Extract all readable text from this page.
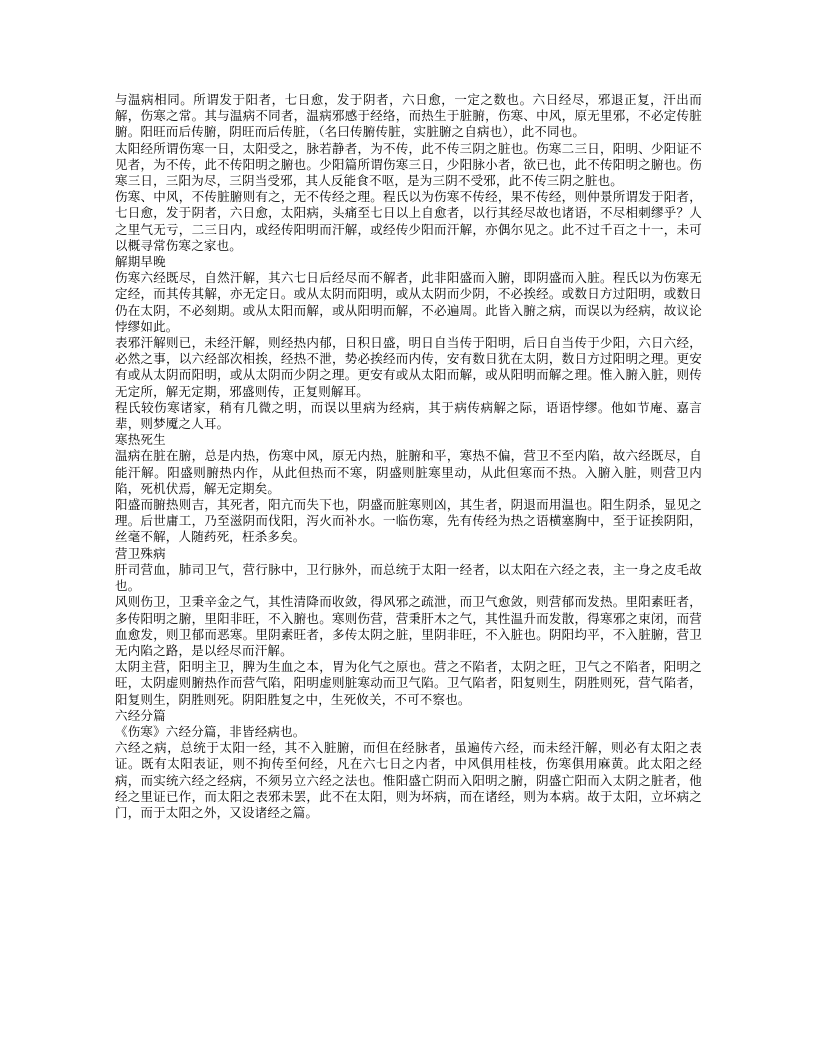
与温病相同。所谓发于阳者，七日愈，发于阴者，六日愈，一定之数也。六日经尽，邪退正复，汗出而解，伤寒之常。其与温病不同者，温病邪感于经络，而热生于脏腑，伤寒、中风，原无里邪，不必定传脏腑。阳旺而后传腑，阴旺而后传脏，（名曰传腑传脏，实脏腑之自病也），此不同也。
太阳经所谓伤寒一日，太阳受之，脉若静者，为不传，此不传三阴之脏也。伤寒二三日，阳明、少阳证不见者，为不传，此不传阳明之腑也。少阳篇所谓伤寒三日，少阳脉小者，欲已也，此不传阳明之腑也。伤寒三日，三阳为尽，三阴当受邪，其人反能食不呕，是为三阴不受邪，此不传三阴之脏也。
伤寒、中风，不传脏腑则有之，无不传经之理。程氏以为伤寒不传经，果不传经，则仲景所谓发于阳者，七日愈，发于阴者，六日愈，太阳病，头痛至七日以上自愈者，以行其经尽故也诸语，不尽相刺缪乎？人之里气无亏，二三日内，或经传阳明而汗解，或经传少阳而汗解，亦偶尔见之。此不过千百之十一，未可以概寻常伤寒之家也。
解期早晚
伤寒六经既尽，自然汗解，其六七日后经尽而不解者，此非阳盛而入腑，即阴盛而入脏。程氏以为伤寒无定经，而其传其解，亦无定日。或从太阴而阳明，或从太阴而少阴，不必挨经。或数日方过阳明，或数日仍在太阴，不必刻期。或从太阳而解，或从阳明而解，不必遍周。此皆入腑之病，而误以为经病，故议论悖缪如此。
表邪汗解则已，未经汗解，则经热内郁，日积日盛，明日自当传于阳明，后日自当传于少阳，六日六经，必然之事，以六经部次相挨，经热不泄，势必挨经而内传，安有数日犹在太阴，数日方过阳明之理。更安有或从太阴而阳明，或从太阴而少阴之理。更安有或从太阳而解，或从阳明而解之理。惟入腑入脏，则传无定所，解无定期，邪盛则传，正复则解耳。
程氏较伤寒诸家，稍有几微之明，而误以里病为经病，其于病传病解之际，语语悖缪。他如节庵、嘉言辈，则梦魇之人耳。
寒热死生
温病在脏在腑，总是内热，伤寒中风，原无内热，脏腑和平，寒热不偏，营卫不至内陷，故六经既尽，自能汗解。阳盛则腑热内作，从此但热而不寒，阴盛则脏寒里动，从此但寒而不热。入腑入脏，则营卫内陷，死机伏焉，解无定期矣。
阳盛而腑热则吉，其死者，阳亢而失下也，阴盛而脏寒则凶，其生者，阴退而用温也。阳生阴杀，显见之理。后世庸工，乃至滋阴而伐阳，泻火而补水。一临伤寒，先有传经为热之语横塞胸中，至于证挨阴阳，丝毫不解，人随药死，枉杀多矣。
营卫殊病
肝司营血，肺司卫气，营行脉中，卫行脉外，而总统于太阳一经者，以太阳在六经之表，主一身之皮毛故也。
风则伤卫，卫秉辛金之气，其性清降而收敛，得风邪之疏泄，而卫气愈敛，则营郁而发热。里阳素旺者，多传阳明之腑，里阳非旺，不入腑也。寒则伤营，营秉肝木之气，其性温升而发散，得寒邪之束闭，而营血愈发，则卫郁而恶寒。里阴素旺者，多传太阴之脏，里阴非旺，不入脏也。阴阳均平，不入脏腑，营卫无内陷之路，是以经尽而汗解。
太阴主营，阳明主卫，脾为生血之本，胃为化气之原也。营之不陷者，太阴之旺，卫气之不陷者，阳明之旺，太阴虚则腑热作而营气陷，阳明虚则脏寒动而卫气陷。卫气陷者，阳复则生，阴胜则死，营气陷者，阳复则生，阴胜则死。阴阳胜复之中，生死攸关，不可不察也。
六经分篇
《伤寒》六经分篇，非皆经病也。
六经之病，总统于太阳一经，其不入脏腑，而但在经脉者，虽遍传六经，而未经汗解，则必有太阳之表证。既有太阳表证，则不拘传至何经，凡在六七日之内者，中风俱用桂枝，伤寒俱用麻黄。此太阳之经病，而实统六经之经病，不须另立六经之法也。惟阳盛亡阴而入阳明之腑，阴盛亡阳而入太阴之脏者，他经之里证已作，而太阳之表邪未罢，此不在太阳，则为坏病，而在诸经，则为本病。故于太阳，立坏病之门，而于太阳之外，又设诸经之篇。
